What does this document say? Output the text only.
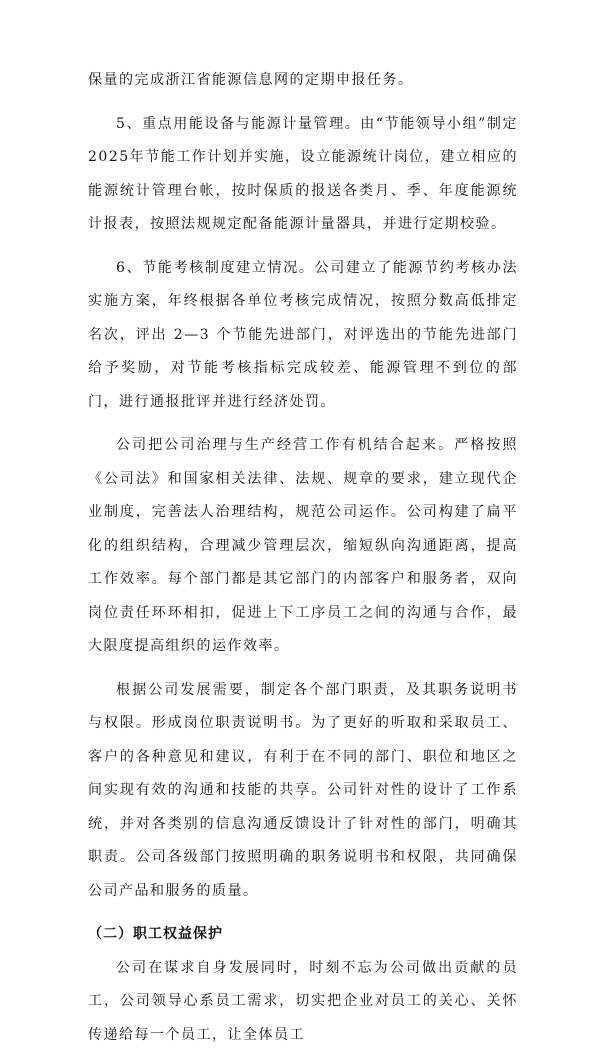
保量的完成浙江省能源信息网的定期申报任务。

5、重点用能设备与能源计量管理。由“节能领导小组”制定2025年节能工作计划并实施，设立能源统计岗位，建立相应的能源统计管理台帐，按时保质的报送各类月、季、年度能源统计报表，按照法规规定配备能源计量器具，并进行定期校验。

6、节能考核制度建立情况。公司建立了能源节约考核办法实施方案，年终根据各单位考核完成情况，按照分数高低排定名次，评出 2—3 个节能先进部门，对评选出的节能先进部门给予奖励，对节能考核指标完成较差、能源管理不到位的部门，进行通报批评并进行经济处罚。

公司把公司治理与生产经营工作有机结合起来。严格按照《公司法》和国家相关法律、法规、规章的要求，建立现代企业制度，完善法人治理结构，规范公司运作。公司构建了扁平化的组织结构，合理减少管理层次，缩短纵向沟通距离，提高工作效率。每个部门都是其它部门的内部客户和服务者，双向岗位责任环环相扣，促进上下工序员工之间的沟通与合作，最大限度提高组织的运作效率。

根据公司发展需要，制定各个部门职责，及其职务说明书与权限。形成岗位职责说明书。为了更好的听取和采取员工、客户的各种意见和建议，有利于在不同的部门、职位和地区之间实现有效的沟通和技能的共享。公司针对性的设计了工作系统，并对各类别的信息沟通反馈设计了针对性的部门，明确其职责。公司各级部门按照明确的职务说明书和权限，共同确保公司产品和服务的质量。

（二）职工权益保护

公司在谋求自身发展同时，时刻不忘为公司做出贡献的员工，公司领导心系员工需求，切实把企业对员工的关心、关怀传递给每一个员工，让全体员工
